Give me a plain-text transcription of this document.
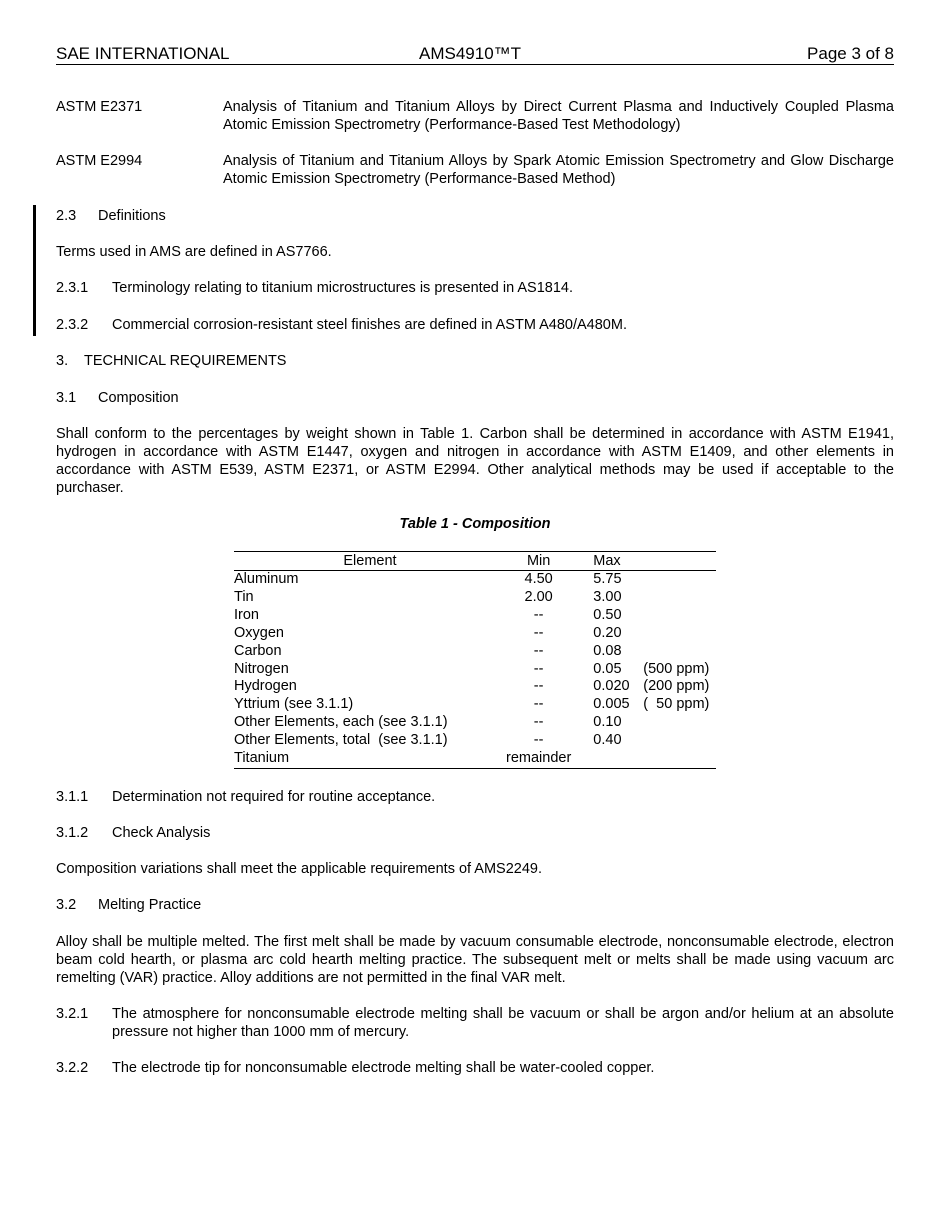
SAE INTERNATIONAL	AMS4910™T	Page 3 of 8
ASTM E2371	Analysis of Titanium and Titanium Alloys by Direct Current Plasma and Inductively Coupled Plasma Atomic Emission Spectrometry (Performance-Based Test Methodology)
ASTM E2994	Analysis of Titanium and Titanium Alloys by Spark Atomic Emission Spectrometry and Glow Discharge Atomic Emission Spectrometry (Performance-Based Method)
2.3 Definitions
Terms used in AMS are defined in AS7766.
2.3.1 Terminology relating to titanium microstructures is presented in AS1814.
2.3.2 Commercial corrosion-resistant steel finishes are defined in ASTM A480/A480M.
3. TECHNICAL REQUIREMENTS
3.1 Composition
Shall conform to the percentages by weight shown in Table 1. Carbon shall be determined in accordance with ASTM E1941, hydrogen in accordance with ASTM E1447, oxygen and nitrogen in accordance with ASTM E1409, and other elements in accordance with ASTM E539, ASTM E2371, or ASTM E2994. Other analytical methods may be used if acceptable to the purchaser.
Table 1 - Composition
Element	Min	Max	
Aluminum	4.50	5.75	
Tin	2.00	3.00	
Iron	--	0.50	
Oxygen	--	0.20	
Carbon	--	0.08	
Nitrogen	--	0.05	(500 ppm)
Hydrogen	--	0.020	(200 ppm)
Yttrium (see 3.1.1)	--	0.005	(  50 ppm)
Other Elements, each (see 3.1.1)	--	0.10	
Other Elements, total  (see 3.1.1)	--	0.40	
Titanium	remainder		
3.1.1 Determination not required for routine acceptance.
3.1.2 Check Analysis
Composition variations shall meet the applicable requirements of AMS2249.
3.2 Melting Practice
Alloy shall be multiple melted. The first melt shall be made by vacuum consumable electrode, nonconsumable electrode, electron beam cold hearth, or plasma arc cold hearth melting practice. The subsequent melt or melts shall be made using vacuum arc remelting (VAR) practice. Alloy additions are not permitted in the final VAR melt.
3.2.1 The atmosphere for nonconsumable electrode melting shall be vacuum or shall be argon and/or helium at an absolute pressure not higher than 1000 mm of mercury.
3.2.2 The electrode tip for nonconsumable electrode melting shall be water-cooled copper.
